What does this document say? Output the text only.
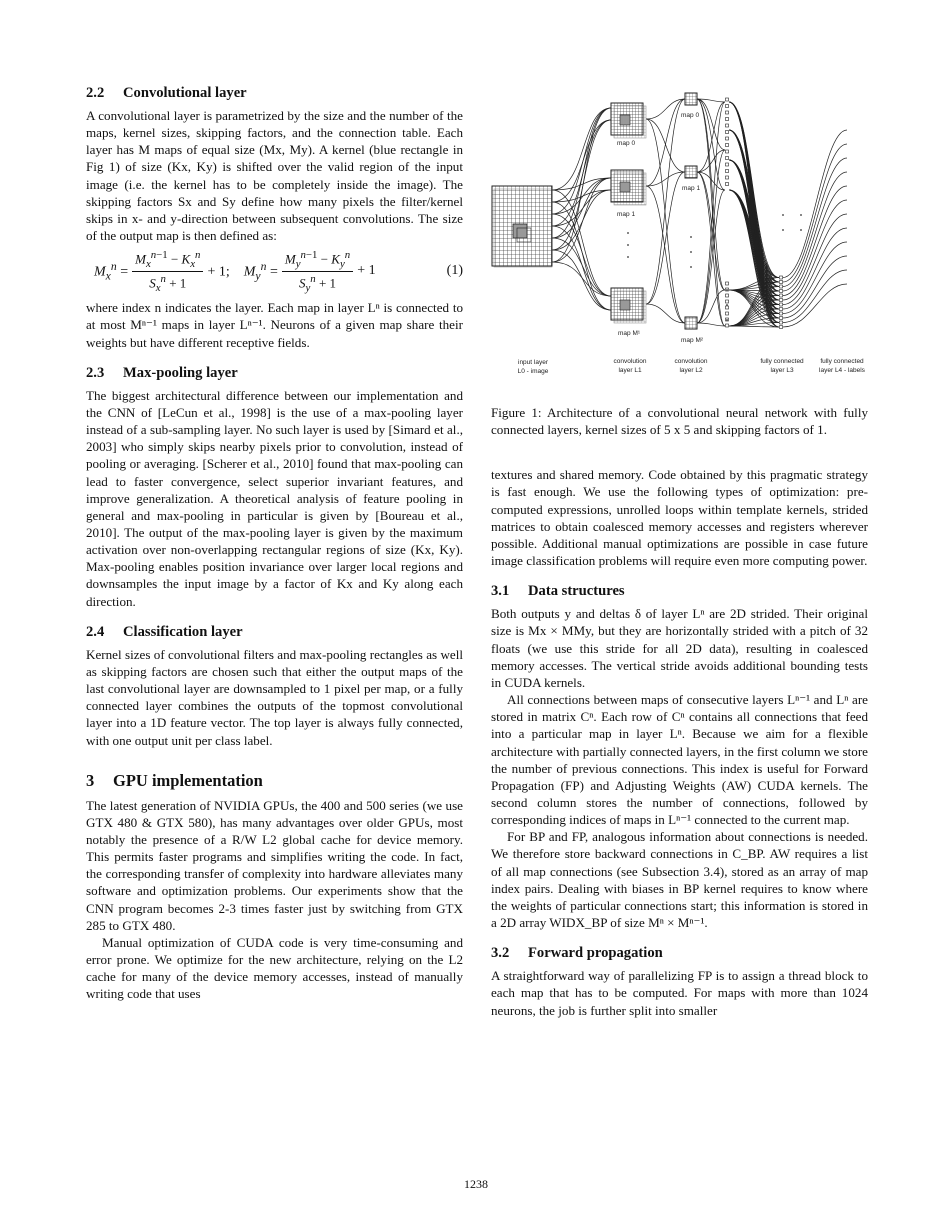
2.2 Convolutional layer

A convolutional layer is parametrized by the size and the number of the maps, kernel sizes, skipping factors, and the connection table. Each layer has M maps of equal size (Mx, My). A kernel (blue rectangle in Fig 1) of size (Kx, Ky) is shifted over the valid region of the input image (i.e. the kernel has to be completely inside the image). The skipping factors Sx and Sy define how many pixels the filter/kernel skips in x- and y-direction between subsequent convolutions. The size of the output map is then defined as:

$M_x^n = \frac{M_x^{n-1} - K_x^n}{S_x^n + 1} + 1$;    $M_y^n = \frac{M_y^{n-1} - K_y^n}{S_y^n + 1} + 1$	(1)

where index n indicates the layer. Each map in layer Lⁿ is connected to at most Mⁿ⁻¹ maps in layer Lⁿ⁻¹. Neurons of a given map share their weights but have different receptive fields.

2.3 Max-pooling layer

The biggest architectural difference between our implementation and the CNN of [LeCun et al., 1998] is the use of a max-pooling layer instead of a sub-sampling layer. No such layer is used by [Simard et al., 2003] who simply skips nearby pixels prior to convolution, instead of pooling or averaging. [Scherer et al., 2010] found that max-pooling can lead to faster convergence, select superior invariant features, and improve generalization. A theoretical analysis of feature pooling in general and max-pooling in particular is given by [Boureau et al., 2010]. The output of the max-pooling layer is given by the maximum activation over non-overlapping rectangular regions of size (Kx, Ky). Max-pooling enables position invariance over larger local regions and downsamples the input image by a factor of Kx and Ky along each direction.

2.4 Classification layer

Kernel sizes of convolutional filters and max-pooling rectangles as well as skipping factors are chosen such that either the output maps of the last convolutional layer are downsampled to 1 pixel per map, or a fully connected layer combines the outputs of the topmost convolutional layer into a 1D feature vector. The top layer is always fully connected, with one output unit per class label.

3 GPU implementation

The latest generation of NVIDIA GPUs, the 400 and 500 series (we use GTX 480 & GTX 580), has many advantages over older GPUs, most notably the presence of a R/W L2 global cache for device memory. This permits faster programs and simplifies writing the code. In fact, the corresponding transfer of complexity into hardware alleviates many software and optimization problems. Our experiments show that the CNN program becomes 2-3 times faster just by switching from GTX 285 to GTX 480.

Manual optimization of CUDA code is very time-consuming and error prone. We optimize for the new architecture, relying on the L2 cache for many of the device memory accesses, instead of manually writing code that uses

map 0
map 0
map 1
map 1
map M¹
map M²
input layer
L0 - image
convolution
layer L1
convolution
layer L2
fully connected
layer L3
fully connected
layer L4 - labels
Figure 1: Architecture of a convolutional neural network with fully connected layers, kernel sizes of 5 x 5 and skipping factors of 1.

textures and shared memory. Code obtained by this pragmatic strategy is fast enough. We use the following types of optimization: pre-computed expressions, unrolled loops within template kernels, strided matrices to obtain coalesced memory accesses and registers wherever possible. Additional manual optimizations are possible in case future image classification problems will require even more computing power.

3.1 Data structures

Both outputs y and deltas δ of layer Lⁿ are 2D strided. Their original size is Mx × MMy, but they are horizontally strided with a pitch of 32 floats (we use this stride for all 2D data), resulting in coalesced memory accesses. The vertical stride avoids additional bounding tests in CUDA kernels.

All connections between maps of consecutive layers Lⁿ⁻¹ and Lⁿ are stored in matrix Cⁿ. Each row of Cⁿ contains all connections that feed into a particular map in layer Lⁿ. Because we aim for a flexible architecture with partially connected layers, in the first column we store the number of previous connections. This index is useful for Forward Propagation (FP) and Adjusting Weights (AW) CUDA kernels. The second column stores the number of connections, followed by corresponding indices of maps in Lⁿ⁻¹ connected to the current map.

For BP and FP, analogous information about connections is needed. We therefore store backward connections in C_BP. AW requires a list of all map connections (see Subsection 3.4), stored as an array of map index pairs. Dealing with biases in BP kernel requires to know where the weights of particular connections start; this information is stored in a 2D array WIDX_BP of size Mⁿ × Mⁿ⁻¹.

3.2 Forward propagation

A straightforward way of parallelizing FP is to assign a thread block to each map that has to be computed. For maps with more than 1024 neurons, the job is further split into smaller

1238
